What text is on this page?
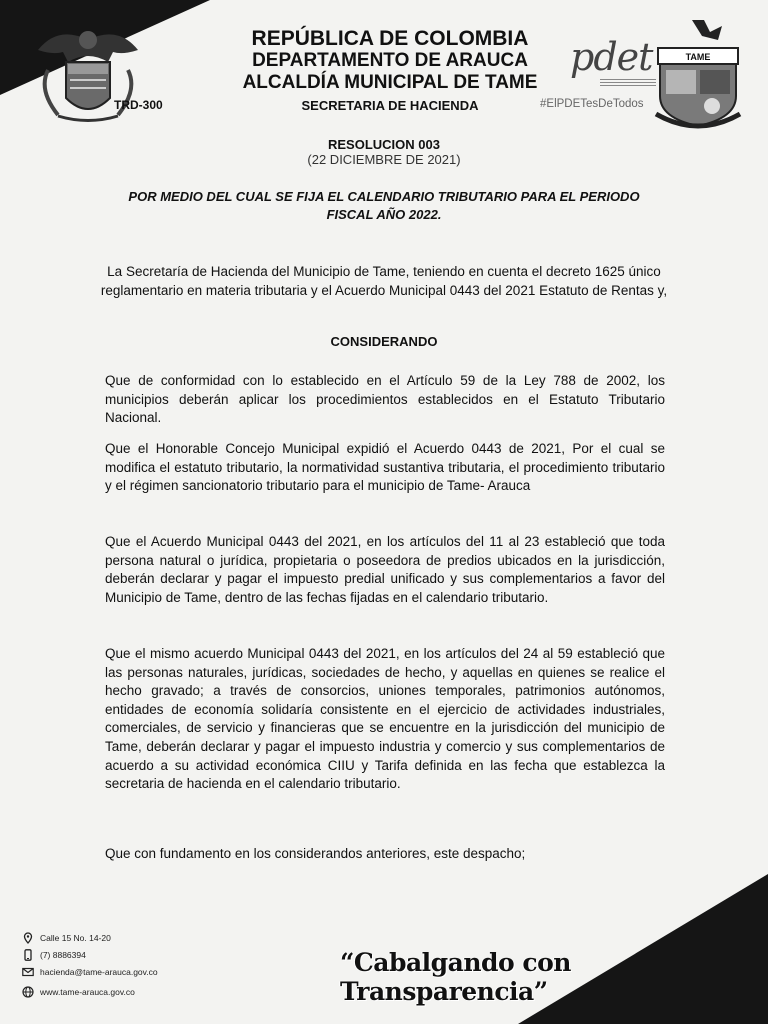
TRD-300
REPÚBLICA DE COLOMBIA
DEPARTAMENTO DE ARAUCA
ALCALDÍA MUNICIPAL DE TAME
SECRETARIA DE HACIENDA
pdet
#ElPDETesDeTodos
TAME
RESOLUCION 003
(22 DICIEMBRE DE 2021)
POR MEDIO DEL CUAL SE FIJA EL CALENDARIO TRIBUTARIO PARA EL PERIODO FISCAL AÑO 2022.
La Secretaría de Hacienda del Municipio de Tame, teniendo en cuenta el decreto 1625 único reglamentario en materia tributaria y el Acuerdo Municipal 0443 del 2021 Estatuto de Rentas y,
CONSIDERANDO
Que de conformidad con lo establecido en el Artículo 59 de la Ley 788 de 2002, los municipios deberán aplicar los procedimientos establecidos en el Estatuto Tributario Nacional.
Que el Honorable Concejo Municipal expidió el Acuerdo 0443 de 2021, Por el cual se modifica el estatuto tributario, la normatividad sustantiva tributaria, el procedimiento tributario y el régimen sancionatorio tributario para el municipio de Tame- Arauca
Que el Acuerdo Municipal 0443 del 2021, en los artículos del 11 al 23 estableció que toda persona natural o jurídica, propietaria o poseedora de predios ubicados en la jurisdicción, deberán declarar y pagar el impuesto predial unificado y sus complementarios a favor del Municipio de Tame, dentro de las fechas fijadas en el calendario tributario.
Que el mismo acuerdo Municipal 0443 del 2021, en los artículos del 24 al 59 estableció que las personas naturales, jurídicas, sociedades de hecho, y aquellas en quienes se realice el hecho gravado; a través de consorcios, uniones temporales, patrimonios autónomos, entidades de economía solidaría consistente en el ejercicio de actividades industriales, comerciales, de servicio y financieras que se encuentre en la jurisdicción del municipio de Tame, deberán declarar y pagar el impuesto industria y comercio y sus complementarios de acuerdo a su actividad económica CIIU y Tarifa definida en las fecha que establezca la secretaria de hacienda en el calendario tributario.
Que con fundamento en los considerandos anteriores, este despacho;
Calle 15 No. 14-20
(7) 8886394
hacienda@tame-arauca.gov.co
www.tame-arauca.gov.co
“Cabalgando con Transparencia”
